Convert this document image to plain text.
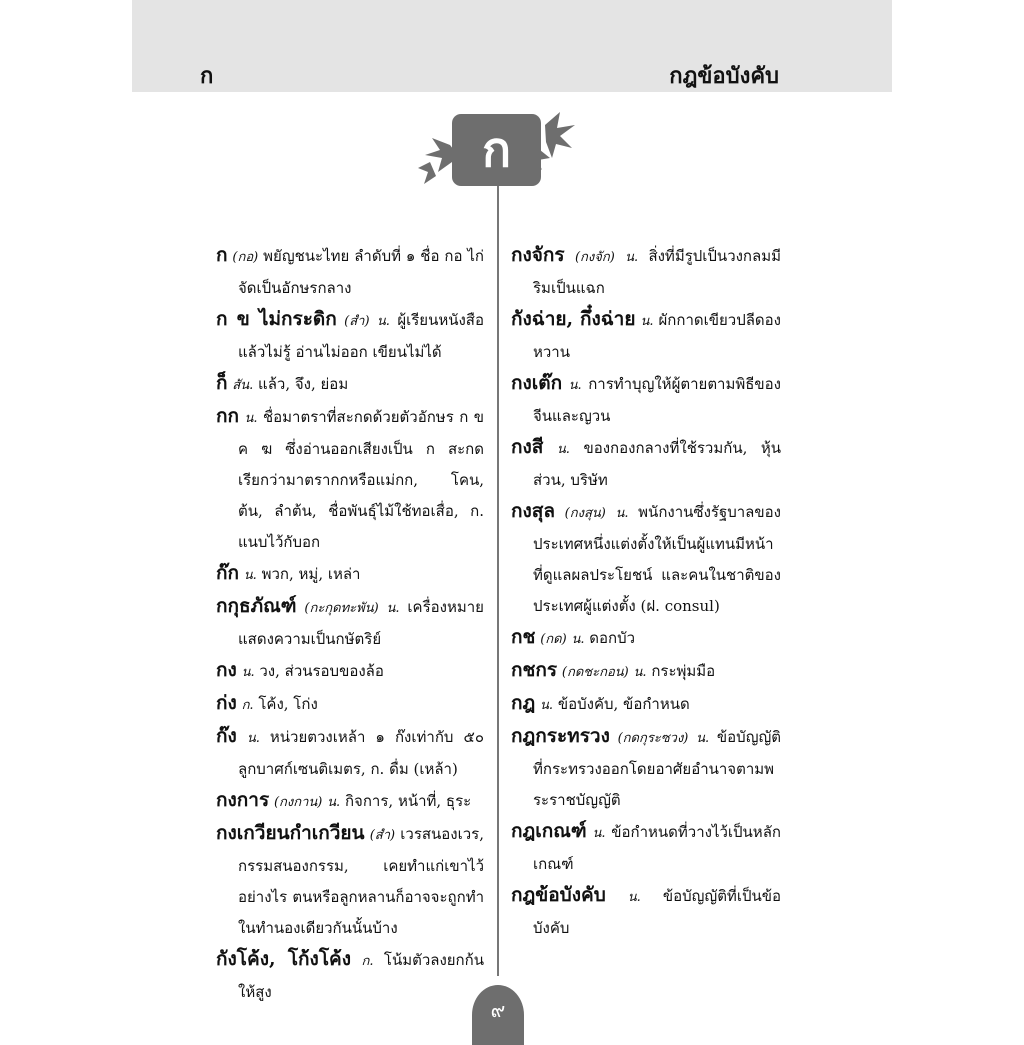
ก	กฎข้อบังคับ
ก
ก (กอ) พยัญชนะไทย ลำดับที่ ๑ ชื่อ กอ ไก่ จัดเป็นอักษรกลาง
ก ข ไม่กระดิก (สำ) น. ผู้เรียนหนังสือแล้วไม่รู้ อ่านไม่ออก เขียนไม่ได้
ก็ สัน. แล้ว, จึง, ย่อม
กก น. ชื่อมาตราที่สะกดด้วยตัวอักษร ก ข ค ฆ ซึ่งอ่านออกเสียงเป็น ก สะกด เรียกว่ามาตรากกหรือแม่กก, โคน, ต้น, ลำต้น, ชื่อพันธุ์ไม้ใช้ทอเสื่อ, ก. แนบไว้กับอก
ก๊ก น. พวก, หมู่, เหล่า
กกุธภัณฑ์ (กะกุดทะพัน) น. เครื่องหมายแสดงความเป็นกษัตริย์
กง น. วง, ส่วนรอบของล้อ
ก่ง ก. โค้ง, โก่ง
ก๊ง น. หน่วยตวงเหล้า ๑ ก๊งเท่ากับ ๕๐ ลูกบาศก์เซนติเมตร, ก. ดื่ม (เหล้า)
กงการ (กงกาน) น. กิจการ, หน้าที่, ธุระ
กงเกวียนกำเกวียน (สำ) เวรสนองเวร, กรรมสนองกรรม, เคยทำแก่เขาไว้อย่างไร ตนหรือลูกหลานก็อาจจะถูกทำในทำนองเดียวกันนั้นบ้าง
กังโค้ง, โก้งโค้ง ก. โน้มตัวลงยกก้นให้สูง
กงจักร (กงจัก) น. สิ่งที่มีรูปเป็นวงกลมมีริมเป็นแฉก
กังฉ่าย, กึ๋งฉ่าย น. ผักกาดเขียวปลีดองหวาน
กงเต๊ก น. การทำบุญให้ผู้ตายตามพิธีของจีนและญวน
กงสี น. ของกองกลางที่ใช้รวมกัน, หุ้นส่วน, บริษัท
กงสุล (กงสุน) น. พนักงานซึ่งรัฐบาลของประเทศหนึ่งแต่งตั้งให้เป็นผู้แทนมีหน้าที่ดูแลผลประโยชน์ และคนในชาติของประเทศผู้แต่งตั้ง (ฝ. consul)
กช (กด) น. ดอกบัว
กชกร (กดชะกอน) น. กระพุ่มมือ
กฎ น. ข้อบังคับ, ข้อกำหนด
กฎกระทรวง (กดกุระซวง) น. ข้อบัญญัติที่กระทรวงออกโดยอาศัยอำนาจตามพระราชบัญญัติ
กฎเกณฑ์ น. ข้อกำหนดที่วางไว้เป็นหลักเกณฑ์
กฎข้อบังคับ น. ข้อบัญญัติที่เป็นข้อบังคับ
๙
